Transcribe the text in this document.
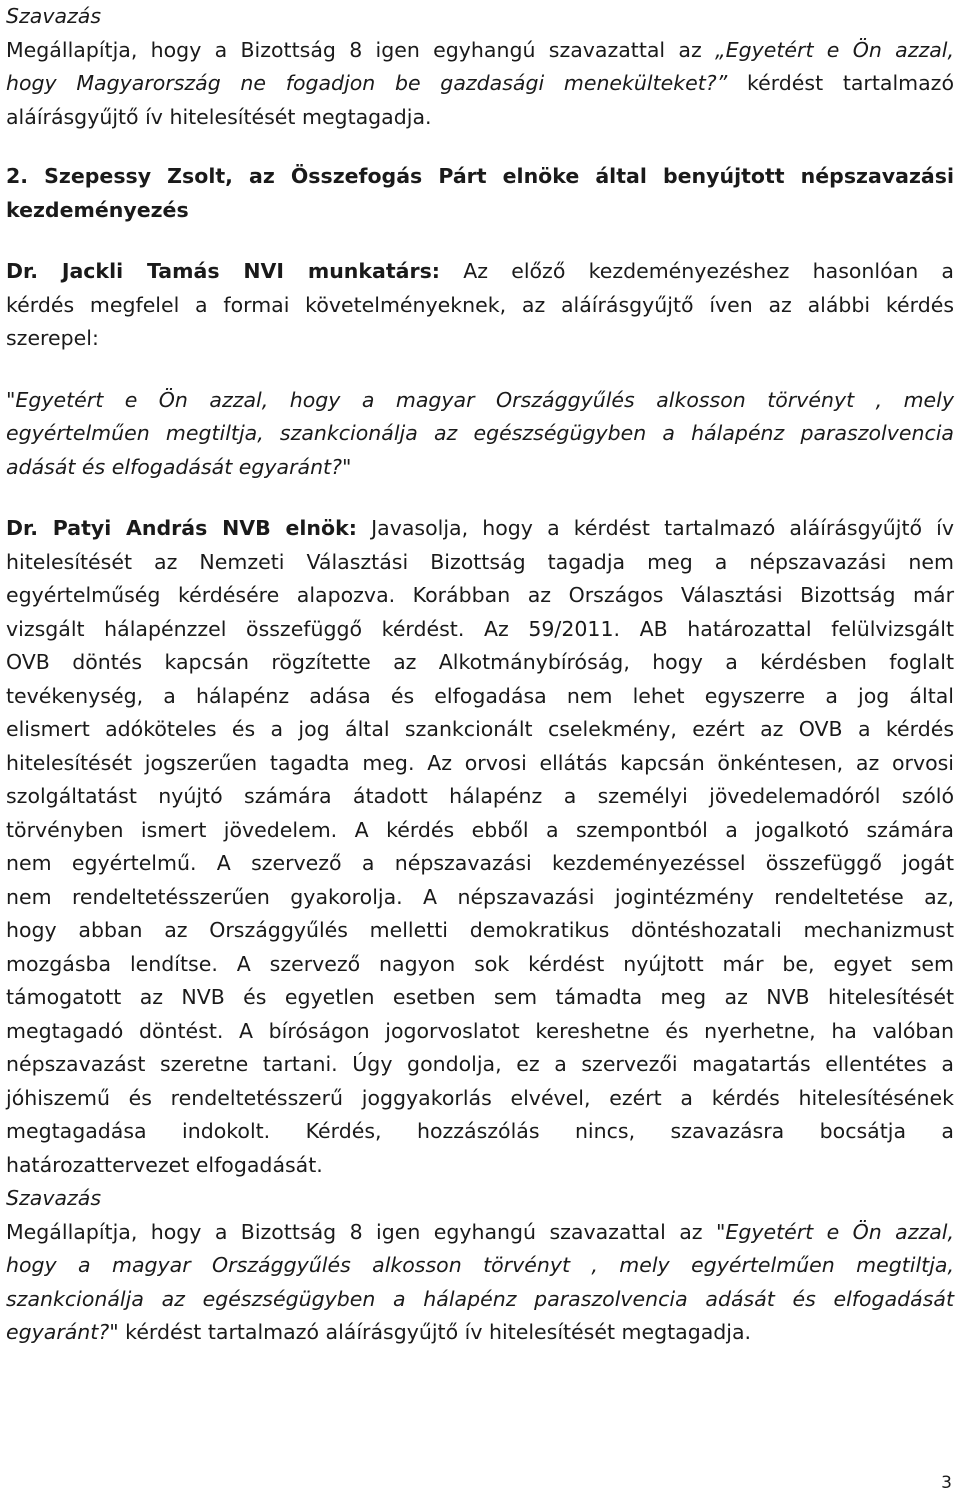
Szavazás
Megállapítja, hogy a Bizottság 8 igen egyhangú szavazattal az „Egyetért e Ön azzal,
hogy Magyarország ne fogadjon be gazdasági menekülteket?” kérdést tartalmazó
aláírásgyűjtő ív hitelesítését megtagadja.
2. Szepessy Zsolt, az Összefogás Párt elnöke által benyújtott népszavazási
kezdeményezés
Dr. Jackli Tamás NVI munkatárs: Az előző kezdeményezéshez hasonlóan a
kérdés megfelel a formai követelményeknek, az aláírásgyűjtő íven az alábbi kérdés
szerepel:
"Egyetért e Ön azzal, hogy a magyar Országgyűlés alkosson törvényt , mely
egyértelműen megtiltja, szankcionálja az egészségügyben a hálapénz paraszolvencia
adását és elfogadását egyaránt?"
Dr. Patyi András NVB elnök: Javasolja, hogy a kérdést tartalmazó aláírásgyűjtő ív
hitelesítését az Nemzeti Választási Bizottság tagadja meg a népszavazási nem
egyértelműség kérdésére alapozva. Korábban az Országos Választási Bizottság már
vizsgált hálapénzzel összefüggő kérdést. Az 59/2011. AB határozattal felülvizsgált
OVB döntés kapcsán rögzítette az Alkotmánybíróság, hogy a kérdésben foglalt
tevékenység, a hálapénz adása és elfogadása nem lehet egyszerre a jog által
elismert adóköteles és a jog által szankcionált cselekmény, ezért az OVB a kérdés
hitelesítését jogszerűen tagadta meg. Az orvosi ellátás kapcsán önkéntesen, az orvosi
szolgáltatást nyújtó számára átadott hálapénz a személyi jövedelemadóról szóló
törvényben ismert jövedelem. A kérdés ebből a szempontból a jogalkotó számára
nem egyértelmű. A szervező a népszavazási kezdeményezéssel összefüggő jogát
nem rendeltetésszerűen gyakorolja. A népszavazási jogintézmény rendeltetése az,
hogy abban az Országgyűlés melletti demokratikus döntéshozatali mechanizmust
mozgásba lendítse. A szervező nagyon sok kérdést nyújtott már be, egyet sem
támogatott az NVB és egyetlen esetben sem támadta meg az NVB hitelesítését
megtagadó döntést. A bíróságon jogorvoslatot kereshetne és nyerhetne, ha valóban
népszavazást szeretne tartani. Úgy gondolja, ez a szervezői magatartás ellentétes a
jóhiszemű és rendeltetésszerű joggyakorlás elvével, ezért a kérdés hitelesítésének
megtagadása indokolt. Kérdés, hozzászólás nincs, szavazásra bocsátja a
határozattervezet elfogadását.
Szavazás
Megállapítja, hogy a Bizottság 8 igen egyhangú szavazattal az "Egyetért e Ön azzal,
hogy a magyar Országgyűlés alkosson törvényt , mely egyértelműen megtiltja,
szankcionálja az egészségügyben a hálapénz paraszolvencia adását és elfogadását
egyaránt?" kérdést tartalmazó aláírásgyűjtő ív hitelesítését megtagadja.
3
